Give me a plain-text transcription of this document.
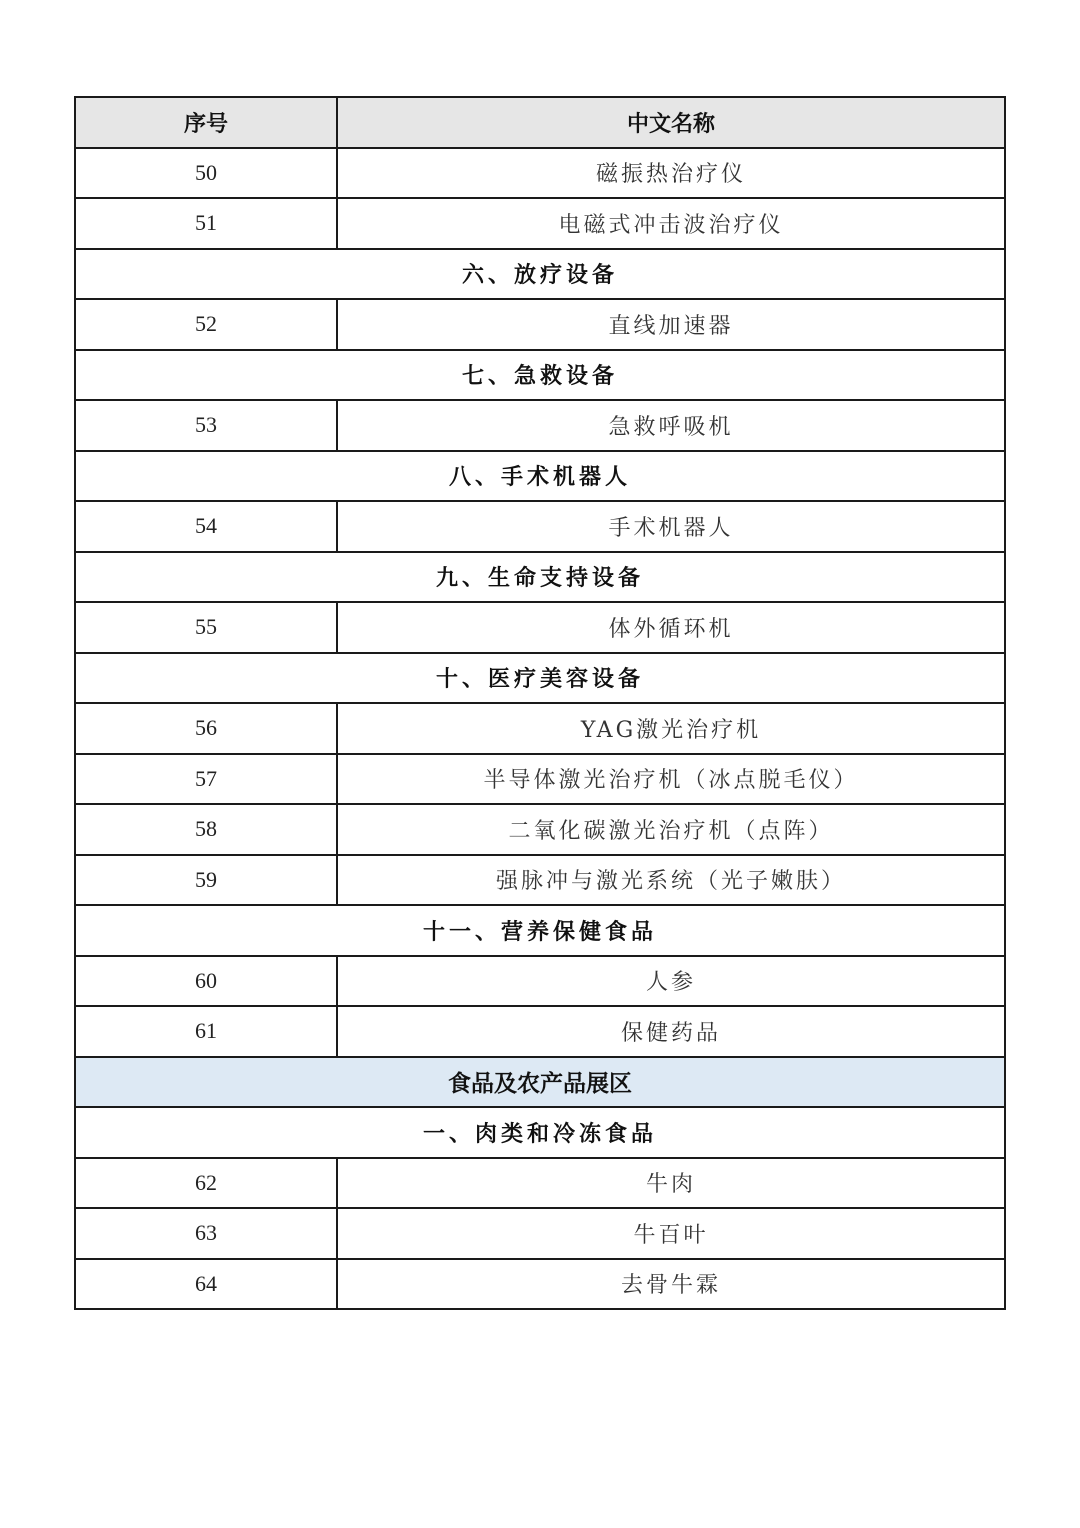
序号	中文名称
50	磁振热治疗仪
51	电磁式冲击波治疗仪
六、放疗设备	
52	直线加速器
七、急救设备	
53	急救呼吸机
八、手术机器人	
54	手术机器人
九、生命支持设备	
55	体外循环机
十、医疗美容设备	
56	YAG激光治疗机
57	半导体激光治疗机（冰点脱毛仪）
58	二氧化碳激光治疗机（点阵）
59	强脉冲与激光系统（光子嫩肤）
十一、营养保健食品	
60	人参
61	保健药品
食品及农产品展区	
一、肉类和冷冻食品	
62	牛肉
63	牛百叶
64	去骨牛霖
